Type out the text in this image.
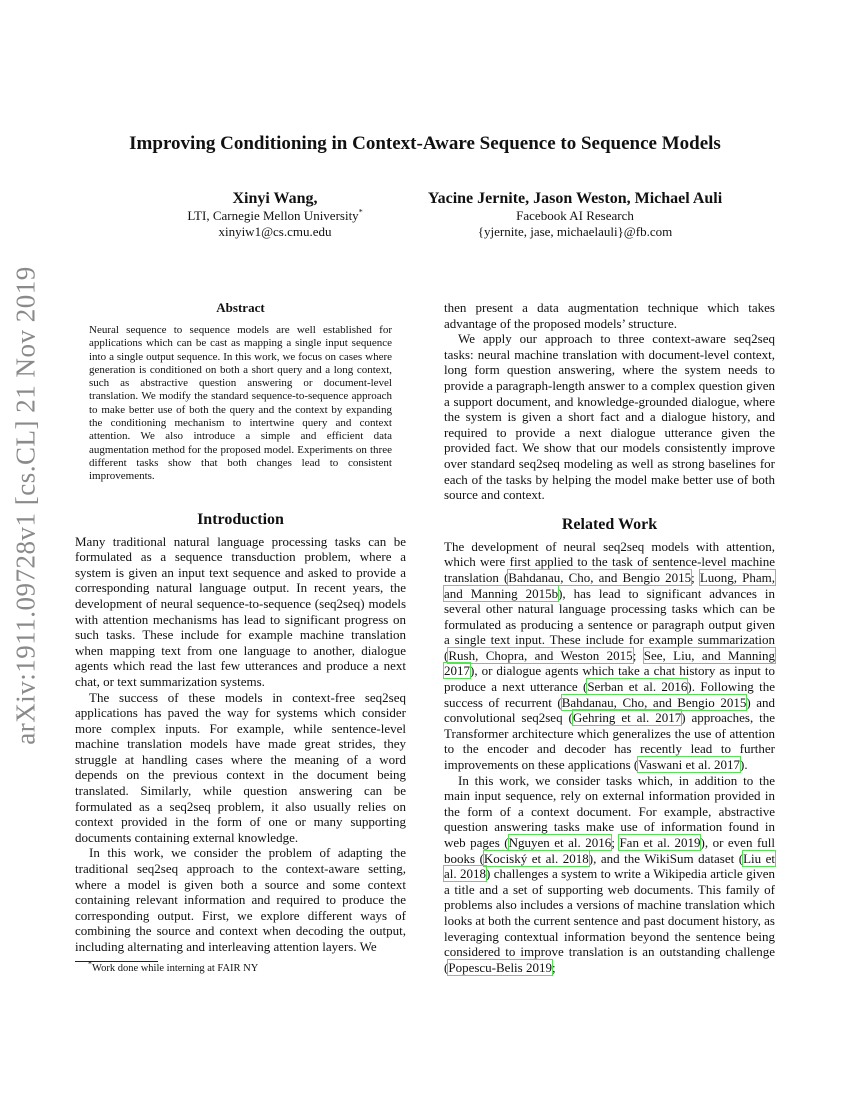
arXiv:1911.09728v1 [cs.CL] 21 Nov 2019
Improving Conditioning in Context-Aware Sequence to Sequence Models
Xinyi Wang,
LTI, Carnegie Mellon University*
xinyiw1@cs.cmu.edu
Yacine Jernite, Jason Weston, Michael Auli
Facebook AI Research
{yjernite, jase, michaelauli}@fb.com
Abstract

Neural sequence to sequence models are well established for applications which can be cast as mapping a single input sequence into a single output sequence. In this work, we focus on cases where generation is conditioned on both a short query and a long context, such as abstractive question answering or document-level translation. We modify the standard sequence-to-sequence approach to make better use of both the query and the context by expanding the conditioning mechanism to intertwine query and context attention. We also introduce a simple and efficient data augmentation method for the proposed model. Experiments on three different tasks show that both changes lead to consistent improvements.

Introduction

Many traditional natural language processing tasks can be formulated as a sequence transduction problem, where a system is given an input text sequence and asked to provide a corresponding natural language output. In recent years, the development of neural sequence-to-sequence (seq2seq) models with attention mechanisms has lead to significant progress on such tasks. These include for example machine translation when mapping text from one language to another, dialogue agents which read the last few utterances and produce a next chat, or text summarization systems.

The success of these models in context-free seq2seq applications has paved the way for systems which consider more complex inputs. For example, while sentence-level machine translation models have made great strides, they struggle at handling cases where the meaning of a word depends on the previous context in the document being translated. Similarly, while question answering can be formulated as a seq2seq problem, it also usually relies on context provided in the form of one or many supporting documents containing external knowledge.

In this work, we consider the problem of adapting the traditional seq2seq approach to the context-aware setting, where a model is given both a source and some context containing relevant information and required to produce the corresponding output. First, we explore different ways of combining the source and context when decoding the output, including alternating and interleaving attention layers. We

then present a data augmentation technique which takes advantage of the proposed models’ structure.

We apply our approach to three context-aware seq2seq tasks: neural machine translation with document-level context, long form question answering, where the system needs to provide a paragraph-length answer to a complex question given a support document, and knowledge-grounded dialogue, where the system is given a short fact and a dialogue history, and required to provide a next dialogue utterance given the provided fact. We show that our models consistently improve over standard seq2seq modeling as well as strong baselines for each of the tasks by helping the model make better use of both source and context.

Related Work

The development of neural seq2seq models with attention, which were first applied to the task of sentence-level machine translation (Bahdanau, Cho, and Bengio 2015; Luong, Pham, and Manning 2015b), has lead to significant advances in several other natural language processing tasks which can be formulated as producing a sentence or paragraph output given a single text input. These include for example summarization (Rush, Chopra, and Weston 2015; See, Liu, and Manning 2017), or dialogue agents which take a chat history as input to produce a next utterance (Serban et al. 2016). Following the success of recurrent (Bahdanau, Cho, and Bengio 2015) and convolutional seq2seq (Gehring et al. 2017) approaches, the Transformer architecture which generalizes the use of attention to the encoder and decoder has recently lead to further improvements on these applications (Vaswani et al. 2017).

In this work, we consider tasks which, in addition to the main input sequence, rely on external information provided in the form of a context document. For example, abstractive question answering tasks make use of information found in web pages (Nguyen et al. 2016; Fan et al. 2019), or even full books (Kociský et al. 2018), and the WikiSum dataset (Liu et al. 2018) challenges a system to write a Wikipedia article given a title and a set of supporting web documents. This family of problems also includes a versions of machine translation which looks at both the current sentence and past document history, as leveraging contextual information beyond the sentence being considered to improve translation is an outstanding challenge (Popescu-Belis 2019;

*Work done while interning at FAIR NY
